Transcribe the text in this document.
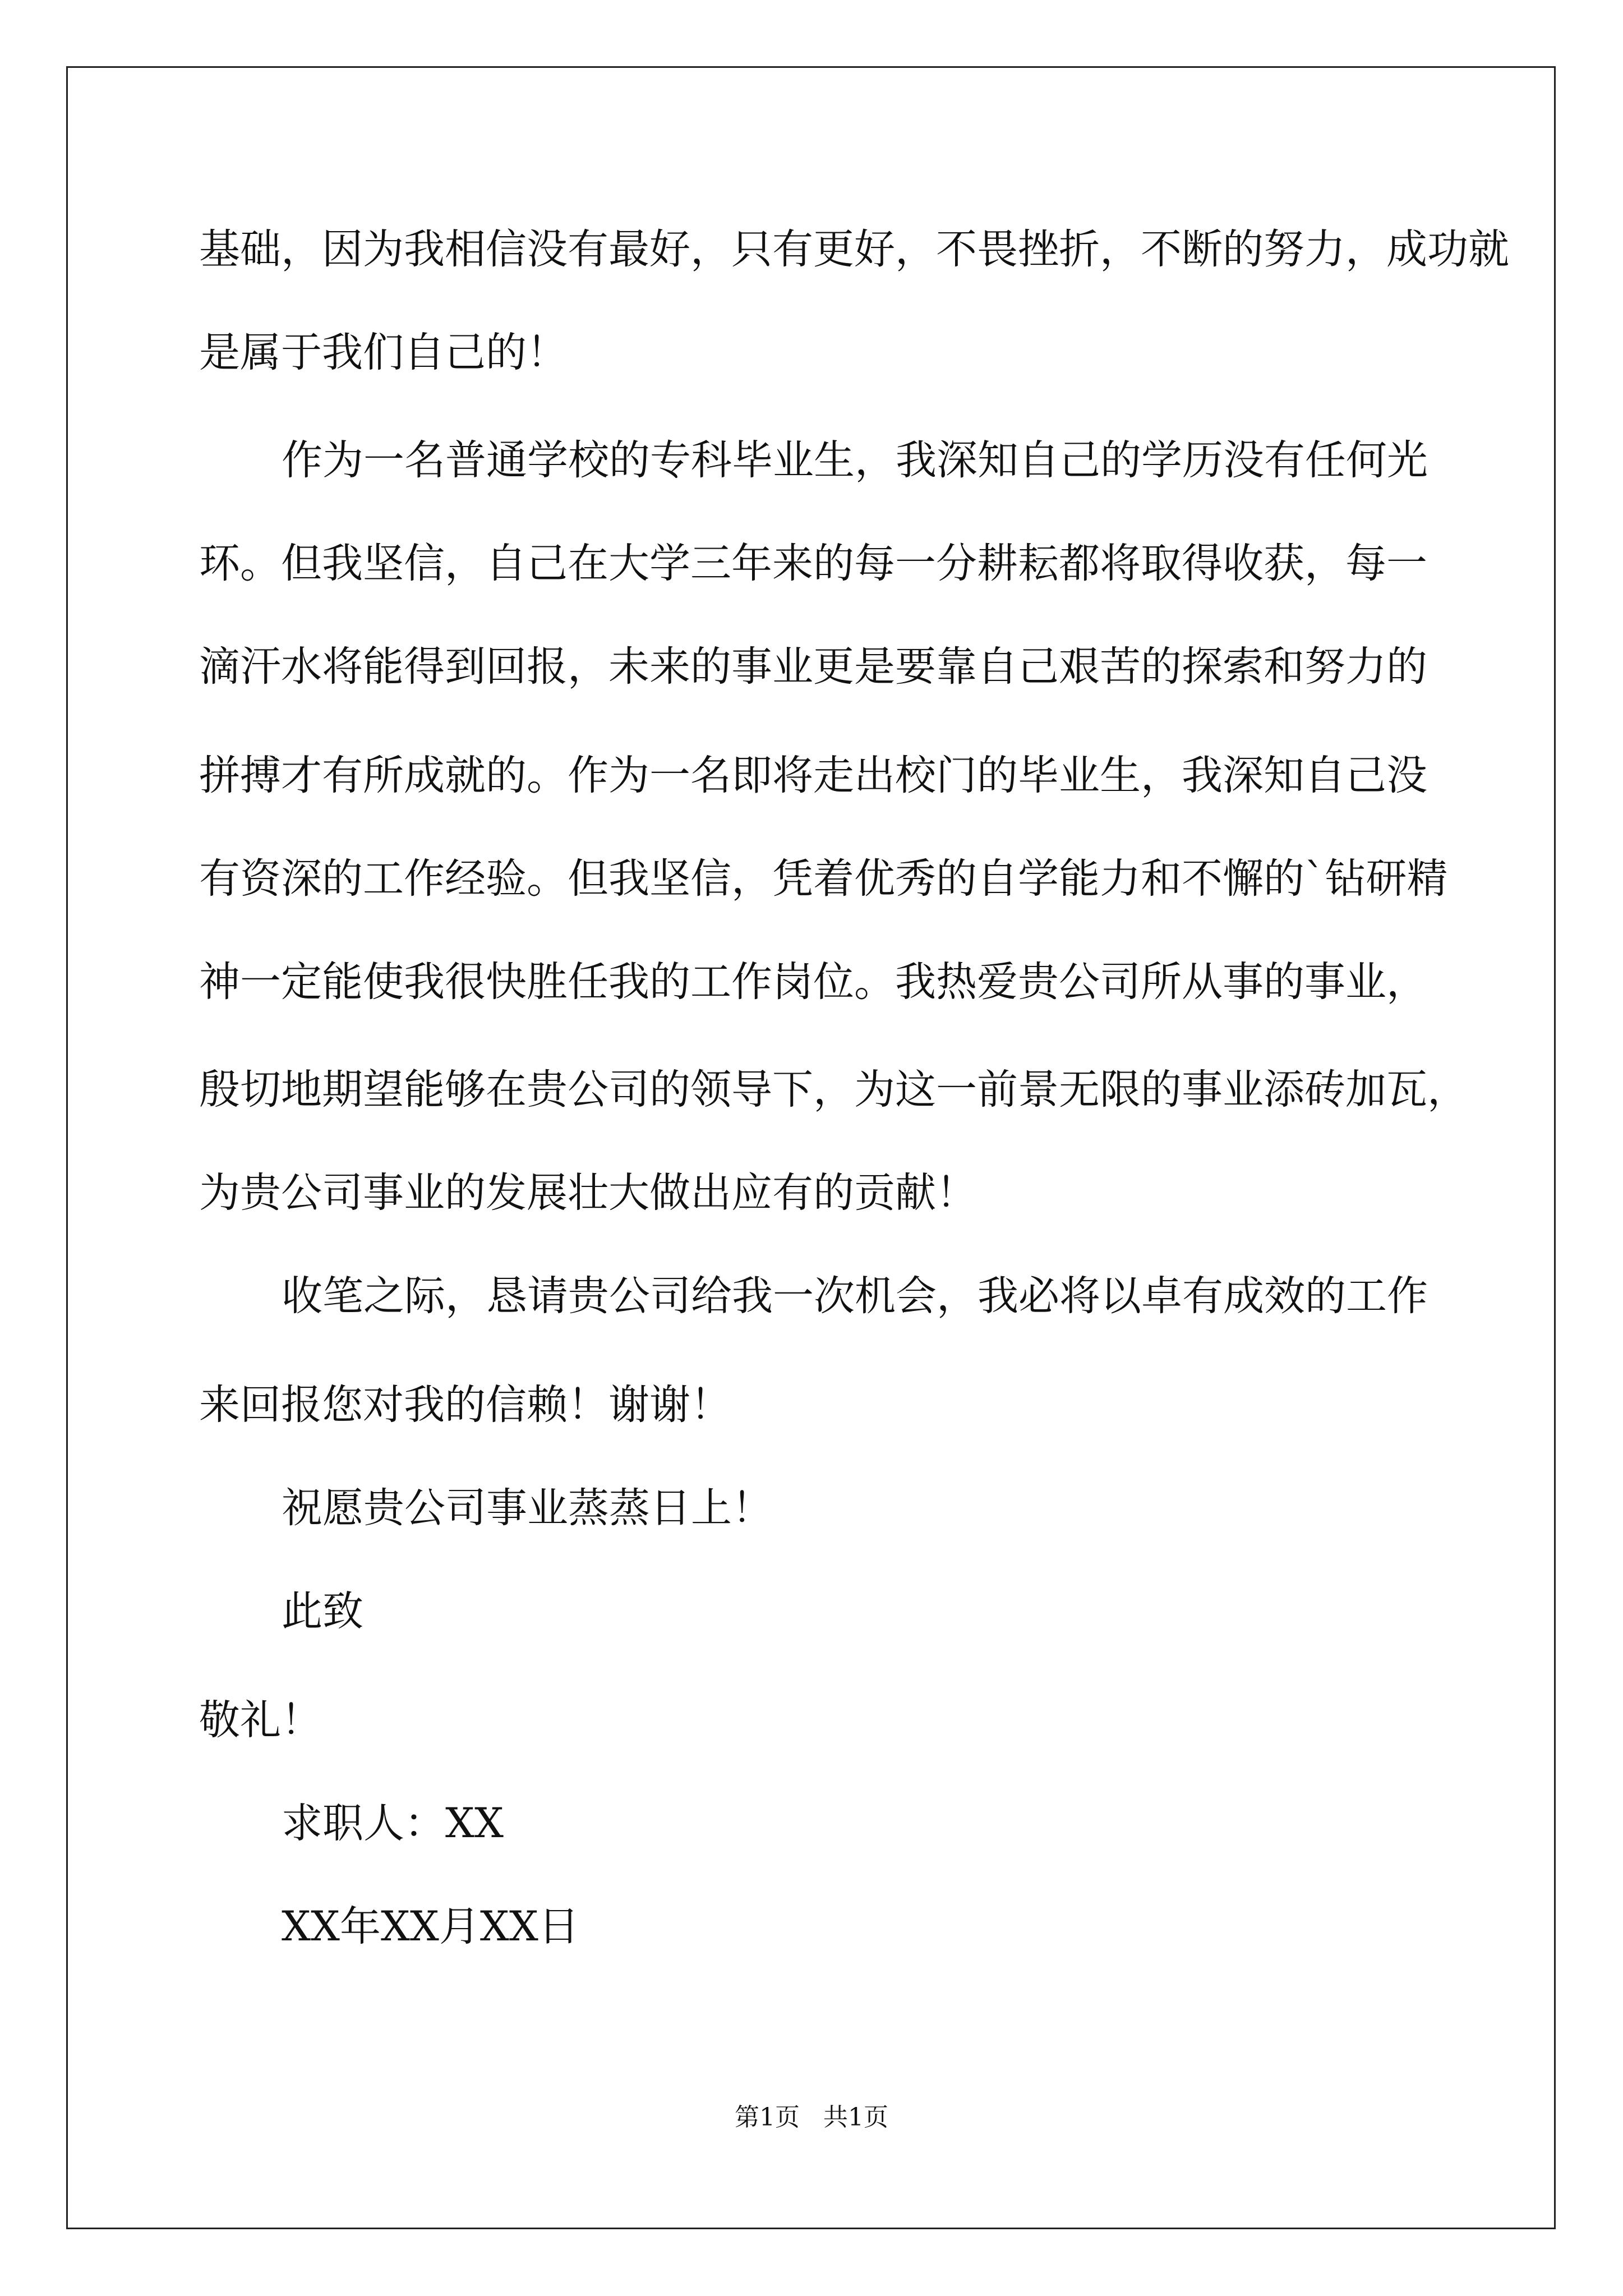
基础，因为我相信没有最好，只有更好，不畏挫折，不断的努力，成功就
是属于我们自己的！
作为一名普通学校的专科毕业生，我深知自己的学历没有任何光
环。但我坚信，自己在大学三年来的每一分耕耘都将取得收获，每一
滴汗水将能得到回报，未来的事业更是要靠自己艰苦的探索和努力的
拼搏才有所成就的。作为一名即将走出校门的毕业生，我深知自己没
有资深的工作经验。但我坚信，凭着优秀的自学能力和不懈的`钻研精
神一定能使我很快胜任我的工作岗位。我热爱贵公司所从事的事业，
殷切地期望能够在贵公司的领导下，为这一前景无限的事业添砖加瓦，
为贵公司事业的发展壮大做出应有的贡献！
收笔之际，恳请贵公司给我一次机会，我必将以卓有成效的工作
来回报您对我的信赖！谢谢！
祝愿贵公司事业蒸蒸日上！
此致
敬礼！
求职人：XX
XX年XX月XX日
第1页   共1页
